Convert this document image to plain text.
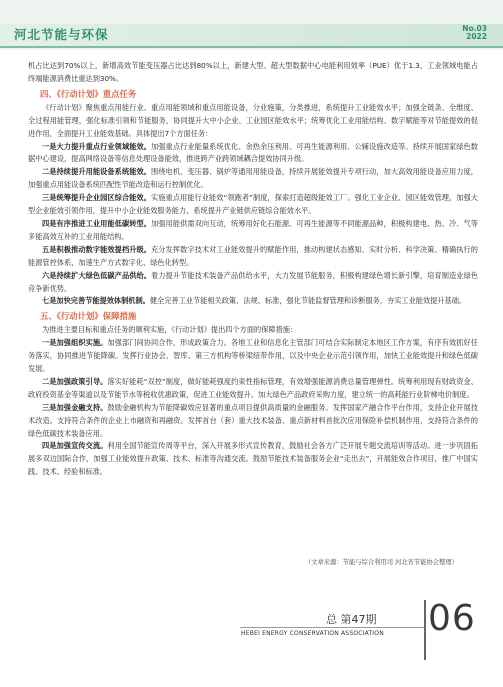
河北节能与环保	No.03
2022

机占比达到70%以上，新增高效节能变压器占比达到80%以上，新建大型、超大型数据中心电能利用效率（PUE）优于1.3，工业领域电能占终端能源消费比重达到30%。

四、《行动计划》重点任务

《行动计划》聚焦重点用能行业、重点用能领域和重点用能设备，分业施策，分类推进，系统提升工业能效水平；加强全链条、全维度、全过程用能管理，强化标准引领和节能服务，协同提升大中小企业、工业园区能效水平；统筹优化工业用能结构、数字赋能等对节能提效的促进作用，全面提升工业能效基础。具体提出7个方面任务：

一是大力提升重点行业领域能效。加强重点行业能量系统优化、余热余压利用、可再生能源利用、公辅设施改造等。持续开展国家绿色数据中心建设，提高网络设备等信息处理设备能效，推进跨产业跨领域耦合提效协同升级。

二是持续提升用能设备系统能效。围绕电机、变压器、锅炉等通用用能设备，持续开展能效提升专项行动，加大高效用能设备应用力度，加强重点用能设备系统匹配性节能改造和运行控制优化。

三是统筹提升企业园区综合能效。实施重点用能行业能效“领跑者”制度，探索打造超级能效工厂。强化工业企业、园区能效管理，加强大型企业能效引领作用，提升中小企业能效服务能力，系统提升产业链供应链综合能效水平。

四是有序推进工业用能低碳转型。加强用能供需双向互动，统筹用好化石能源、可再生能源等不同能源品种，积极构建电、热、冷、气等多能高效互补的工业用能结构。

五是积极推动数字能效提档升级。充分发挥数字技术对工业能效提升的赋能作用，推动构建状态感知、实时分析、科学决策、精确执行的能源管控体系，加速生产方式数字化、绿色化转型。

六是持续扩大绿色低碳产品供给。着力提升节能技术装备产品供给水平，大力发展节能服务，积极构建绿色增长新引擎，培育制造业绿色竞争新优势。

七是加快完善节能提效体制机制。健全完善工业节能相关政策、法规、标准，强化节能监督管理和诊断服务，夯实工业能效提升基础。

五、《行动计划》保障措施

为推进主要目标和重点任务的顺利实施，《行动计划》提出四个方面的保障措施：

一是加强组织实施。加强部门间协同合作，形成政策合力。各地工业和信息化主管部门可结合实际制定本地区工作方案，有序有效抓好任务落实，协同推进节能降碳。发挥行业协会、智库、第三方机构等桥梁纽带作用，以及中央企业示范引领作用，加快工业能效提升和绿色低碳发展。

二是加强政策引导。落实好能耗“双控”制度，做好能耗强度约束性指标管理，有效增强能源消费总量管理弹性。统筹利用现有财政资金、政府投资基金等渠道以及节能节水等税收优惠政策，促进工业能效提升。加大绿色产品政府采购力度，建立统一的高耗能行业阶梯电价制度。

三是加强金融支持。鼓励金融机构为节能降碳效应显著的重点项目提供高质量的金融服务。发挥国家产融合作平台作用，支持企业开展技术改造。支持符合条件的企业上市融资和再融资。发挥首台（套）重大技术装备、重点新材料首批次应用保险补偿机制作用，支持符合条件的绿色低碳技术装备应用。

四是加强宣传交流。利用全国节能宣传周等平台，深入开展多形式宣传教育，鼓励社会各方广泛开展专题交流培训等活动。进一步巩固拓展多双边国际合作，加强工业能效提升政策、技术、标准等沟通交流。鼓励节能技术装备服务企业“走出去”，开展能效合作项目，推广中国实践、技术、经验和标准。

（文章来源：节能与综合利用司 河北省节能协会整理）
总 第47期
HEBEI ENERGY CONSERVATION ASSOCIATION 06
